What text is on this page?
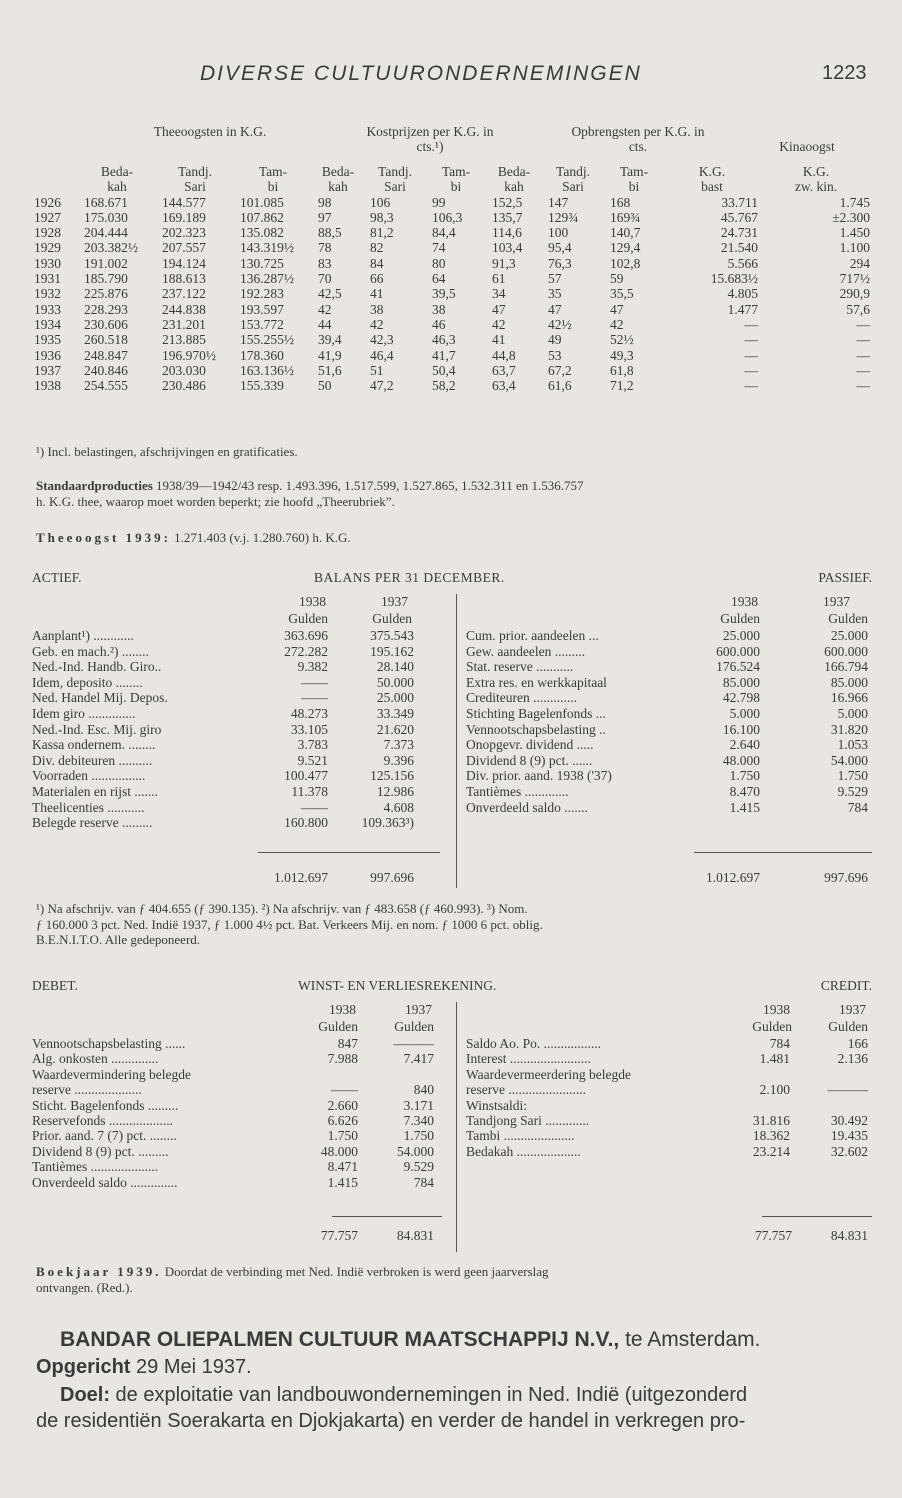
DIVERSE CULTUURONDERNEMINGEN	1223
Theeoogsten in K.G.	Kostprijzen per K.G. in cts.¹)
Opbrengsten per K.G. in cts.	Kinaoogst
	Beda-	Tandj.	Tam-	Beda-	Tandj.	Tam-	Beda-	Tandj.	Tam-	K.G.	K.G.
	kah	Sari	bi	kah	Sari	bi	kah	Sari	bi	bast	zw. kin.
1926	168.671	144.577	101.085	98	106	99	152,5	147	168	33.711	1.745
1927	175.030	169.189	107.862	97	98,3	106,3	135,7	129¾	169¾	45.767	±2.300
1928	204.444	202.323	135.082	88,5	81,2	84,4	114,6	100	140,7	24.731	1.450
1929	203.382½	207.557	143.319½	78	82	74	103,4	95,4	129,4	21.540	1.100
1930	191.002	194.124	130.725	83	84	80	91,3	76,3	102,8	5.566	294
1931	185.790	188.613	136.287½	70	66	64	61	57	59	15.683½	717½
1932	225.876	237.122	192.283	42,5	41	39,5	34	35	35,5	4.805	290,9
1933	228.293	244.838	193.597	42	38	38	47	47	47	1.477	57,6
1934	230.606	231.201	153.772	44	42	46	42	42½	42	—	—
1935	260.518	213.885	155.255½	39,4	42,3	46,3	41	49	52½	—	—
1936	248.847	196.970½	178.360	41,9	46,4	41,7	44,8	53	49,3	—	—
1937	240.846	203.030	163.136½	51,6	51	50,4	63,7	67,2	61,8	—	—
1938	254.555	230.486	155.339	50	47,2	58,2	63,4	61,6	71,2	—	—
¹) Incl. belastingen, afschrijvingen en gratificaties.
Standaardproducties 1938/39—1942/43 resp. 1.493.396, 1.517.599, 1.527.865, 1.532.311 en 1.536.757
h. K.G. thee, waarop moet worden beperkt; zie hoofd „Theerubriek”.
Theeoogst 1939: 1.271.403 (v.j. 1.280.760) h. K.G.
ACTIEF.	BALANS PER 31 DECEMBER.	PASSIEF.
1938	1937
Gulden	Gulden
1938	1937
Gulden	Gulden
Aanplant¹) ............	363.696	375.543
Geb. en mach.²) ........	272.282	195.162
Ned.-Ind. Handb. Giro..	9.382	28.140
Idem, deposito ........	——	50.000
Ned. Handel Mij. Depos.	——	25.000
Idem giro ..............	48.273	33.349
Ned.-Ind. Esc. Mij. giro	33.105	21.620
Kassa ondernem. ........	3.783	7.373
Div. debiteuren ..........	9.521	9.396
Voorraden ................	100.477	125.156
Materialen en rijst .......	11.378	12.986
Theelicenties ...........	——	4.608
Belegde reserve .........	160.800 109.363³)
Cum. prior. aandeelen ...	25.000	25.000
Gew. aandeelen .........	600.000	600.000
Stat. reserve ...........	176.524	166.794
Extra res. en werkkapitaal	85.000	85.000
Crediteuren .............	42.798	16.966
Stichting Bagelenfonds ...	5.000	5.000
Vennootschapsbelasting ..	16.100	31.820
Onopgevr. dividend .....	2.640	1.053
Dividend 8 (9) pct. ......	48.000	54.000
Div. prior. aand. 1938 ('37)	1.750	1.750
Tantièmes .............	8.470	9.529
Onverdeeld saldo .......	1.415	784
1.012.697	997.696	1.012.697	997.696
¹) Na afschrijv. van ƒ 404.655 (ƒ 390.135). ²) Na afschrijv. van ƒ 483.658 (ƒ 460.993). ³) Nom.
ƒ 160.000 3 pct. Ned. Indië 1937, ƒ 1.000 4½ pct. Bat. Verkeers Mij. en nom. ƒ 1000 6 pct. oblig.
B.E.N.I.T.O. Alle gedeponeerd.
DEBET.	WINST- EN VERLIESREKENING.	CREDIT.
1938	1937
Gulden	Gulden
1938	1937
Gulden	Gulden
Vennootschapsbelasting ......	847	———
Alg. onkosten ..............	7.988	7.417
Waardevermindering belegde
reserve ....................	——	840
Sticht. Bagelenfonds .........	2.660	3.171
Reservefonds ...................	6.626	7.340
Prior. aand. 7 (7) pct. ........	1.750	1.750
Dividend 8 (9) pct. .........	48.000	54.000
Tantièmes ....................	8.471	9.529
Onverdeeld saldo ..............	1.415	784
Saldo Ao. Po. .................	784	166
Interest ........................	1.481	2.136
Waardevermeerdering belegde
reserve .......................	2.100	———
Winstsaldi:
Tandjong Sari .............	31.816	30.492
Tambi .....................	18.362	19.435
Bedakah ...................	23.214	32.602
77.757	84.831	77.757	84.831
Boekjaar 1939. Doordat de verbinding met Ned. Indië verbroken is werd geen jaarverslag
ontvangen. (Red.).
BANDAR OLIEPALMEN CULTUUR MAATSCHAPPIJ N.V., te Amsterdam.
Opgericht 29 Mei 1937.
Doel: de exploitatie van landbouwondernemingen in Ned. Indië (uitgezonderd
de residentiën Soerakarta en Djokjakarta) en verder de handel in verkregen pro-
